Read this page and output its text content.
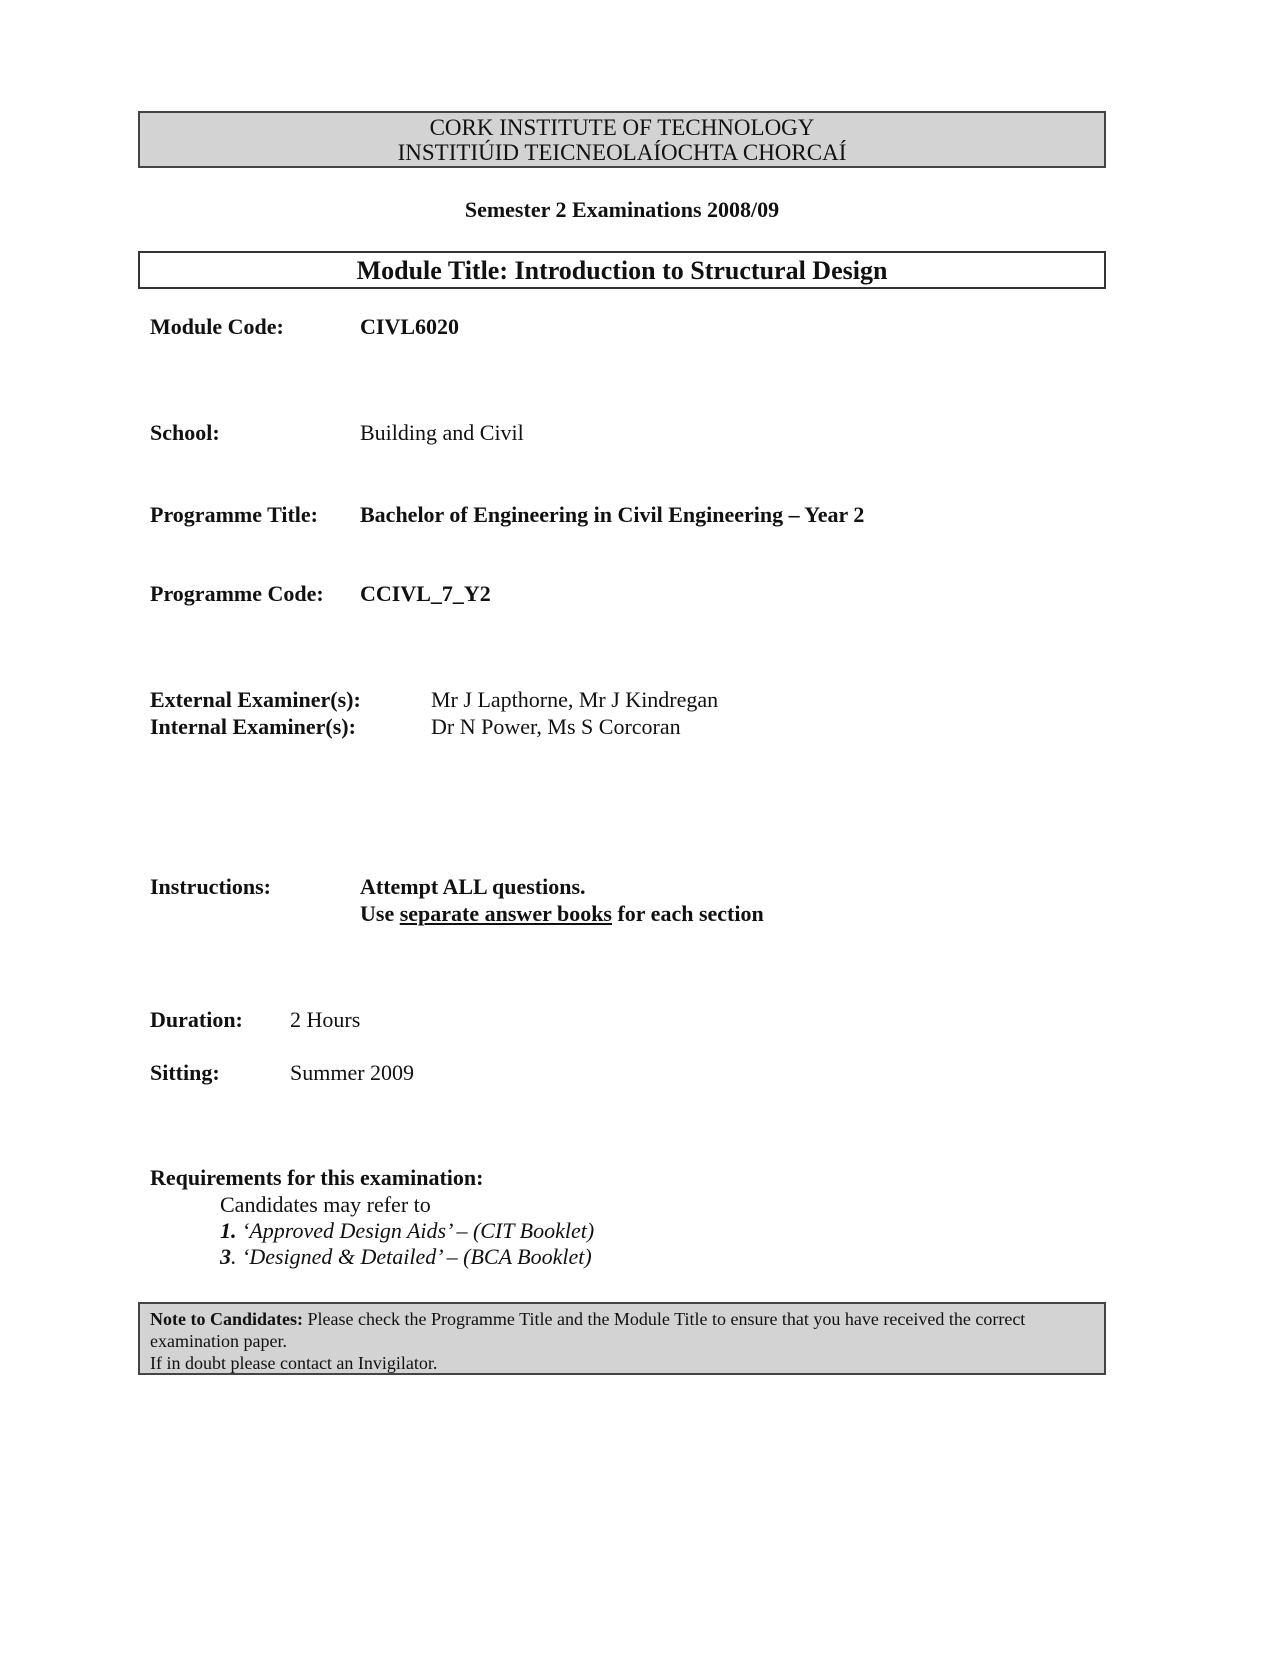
CORK INSTITUTE OF TECHNOLOGY
INSTITIÚID TEICNEOLAÍOCHTA CHORCAÍ
Semester 2 Examinations 2008/09
Module Title: Introduction to Structural Design
Module Code:	CIVL6020
School:	Building and Civil
Programme Title: Bachelor of Engineering in Civil Engineering – Year 2
Programme Code: CCIVL_7_Y2
External Examiner(s):	Mr J Lapthorne, Mr J Kindregan
Internal Examiner(s):	Dr N Power, Ms S Corcoran
Instructions:	Attempt ALL questions.
Use separate answer books for each section
Duration: 2 Hours
Sitting:	Summer 2009
Requirements for this examination:
Candidates may refer to
1. ‘Approved Design Aids’ – (CIT Booklet)
3. ‘Designed & Detailed’ – (BCA Booklet)
Note to Candidates: Please check the Programme Title and the Module Title to ensure that you have received the correct examination paper.
If in doubt please contact an Invigilator.
